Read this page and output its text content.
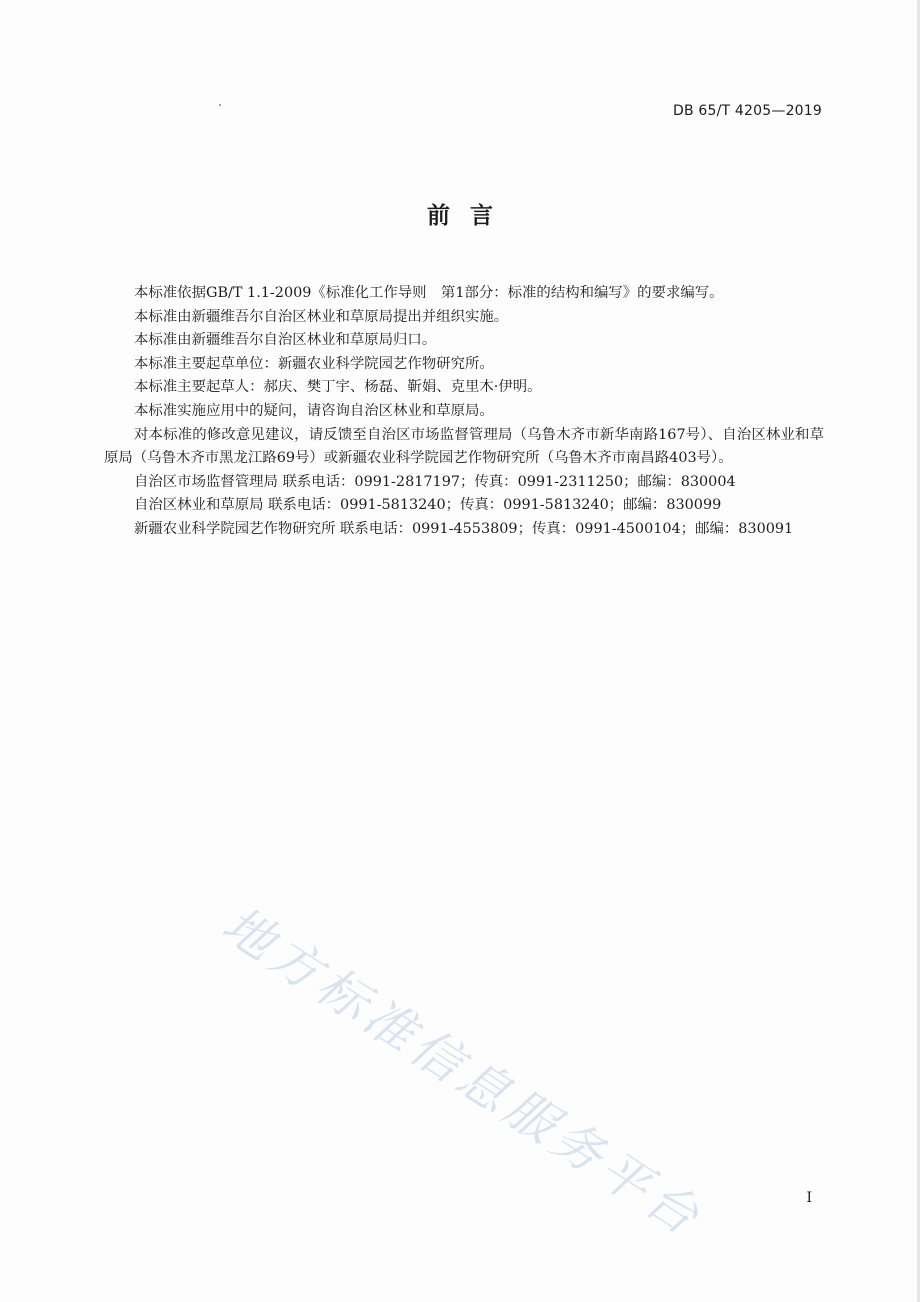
DB 65/T 4205—2019
前 言

本标准依据GB/T 1.1-2009《标准化工作导则　第1部分：标准的结构和编写》的要求编写。

本标准由新疆维吾尔自治区林业和草原局提出并组织实施。

本标准由新疆维吾尔自治区林业和草原局归口。

本标准主要起草单位：新疆农业科学院园艺作物研究所。

本标准主要起草人：郝庆、樊丁宇、杨磊、靳娟、克里木·伊明。

本标准实施应用中的疑问，请咨询自治区林业和草原局。

对本标准的修改意见建议，请反馈至自治区市场监督管理局（乌鲁木齐市新华南路167号）、自治区林业和草原局（乌鲁木齐市黑龙江路69号）或新疆农业科学院园艺作物研究所（乌鲁木齐市南昌路403号）。

自治区市场监督管理局 联系电话：0991-2817197；传真：0991-2311250；邮编：830004

自治区林业和草原局 联系电话：0991-5813240；传真：0991-5813240；邮编：830099

新疆农业科学院园艺作物研究所 联系电话：0991-4553809；传真：0991-4500104；邮编：830091

地方标准信息服务平台	I
